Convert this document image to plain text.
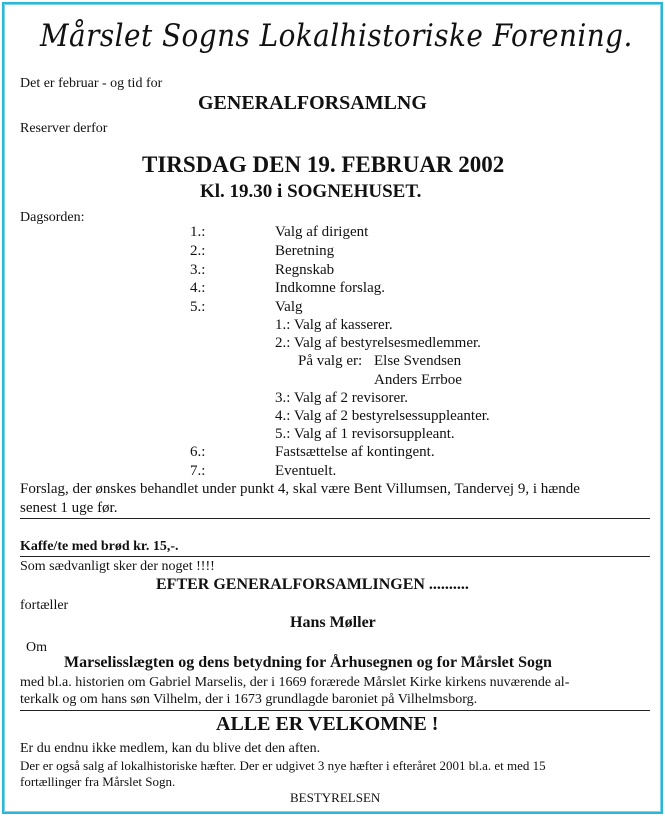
Mårslet Sogns Lokalhistoriske Forening.
Det er februar - og tid for
GENERALFORSAMLNG
Reserver derfor
TIRSDAG DEN 19. FEBRUAR 2002
Kl. 19.30 i SOGNEHUSET.
Dagsorden:
1.:	Valg af dirigent
2.:	Beretning
3.:	Regnskab
4.:	Indkomne forslag.
5.:	Valg
1.: Valg af kasserer.
2.: Valg af bestyrelsesmedlemmer.
På valg er: Else Svendsen
Anders Errboe
3.: Valg af 2 revisorer.
4.: Valg af 2 bestyrelsessuppleanter.
5.: Valg af 1 revisorsuppleant.
6.:	Fastsættelse af kontingent.
7.:	Eventuelt.
Forslag, der ønskes behandlet under punkt 4, skal være Bent Villumsen, Tandervej 9, i hænde
senest 1 uge før.
Kaffe/te med brød kr. 15,-.
Som sædvanligt sker der noget !!!!
EFTER GENERALFORSAMLINGEN ..........
fortæller
Hans Møller
Om
Marselisslægten og dens betydning for Århusegnen og for Mårslet Sogn
med bl.a. historien om Gabriel Marselis, der i 1669 forærede Mårslet Kirke kirkens nuværende al-
terkalk og om hans søn Vilhelm, der i 1673 grundlagde baroniet på Vilhelmsborg.
ALLE ER VELKOMNE !
Er du endnu ikke medlem, kan du blive det den aften.
Der er også salg af lokalhistoriske hæfter. Der er udgivet 3 nye hæfter i efteråret 2001 bl.a. et med 15
fortællinger fra Mårslet Sogn.
BESTYRELSEN
